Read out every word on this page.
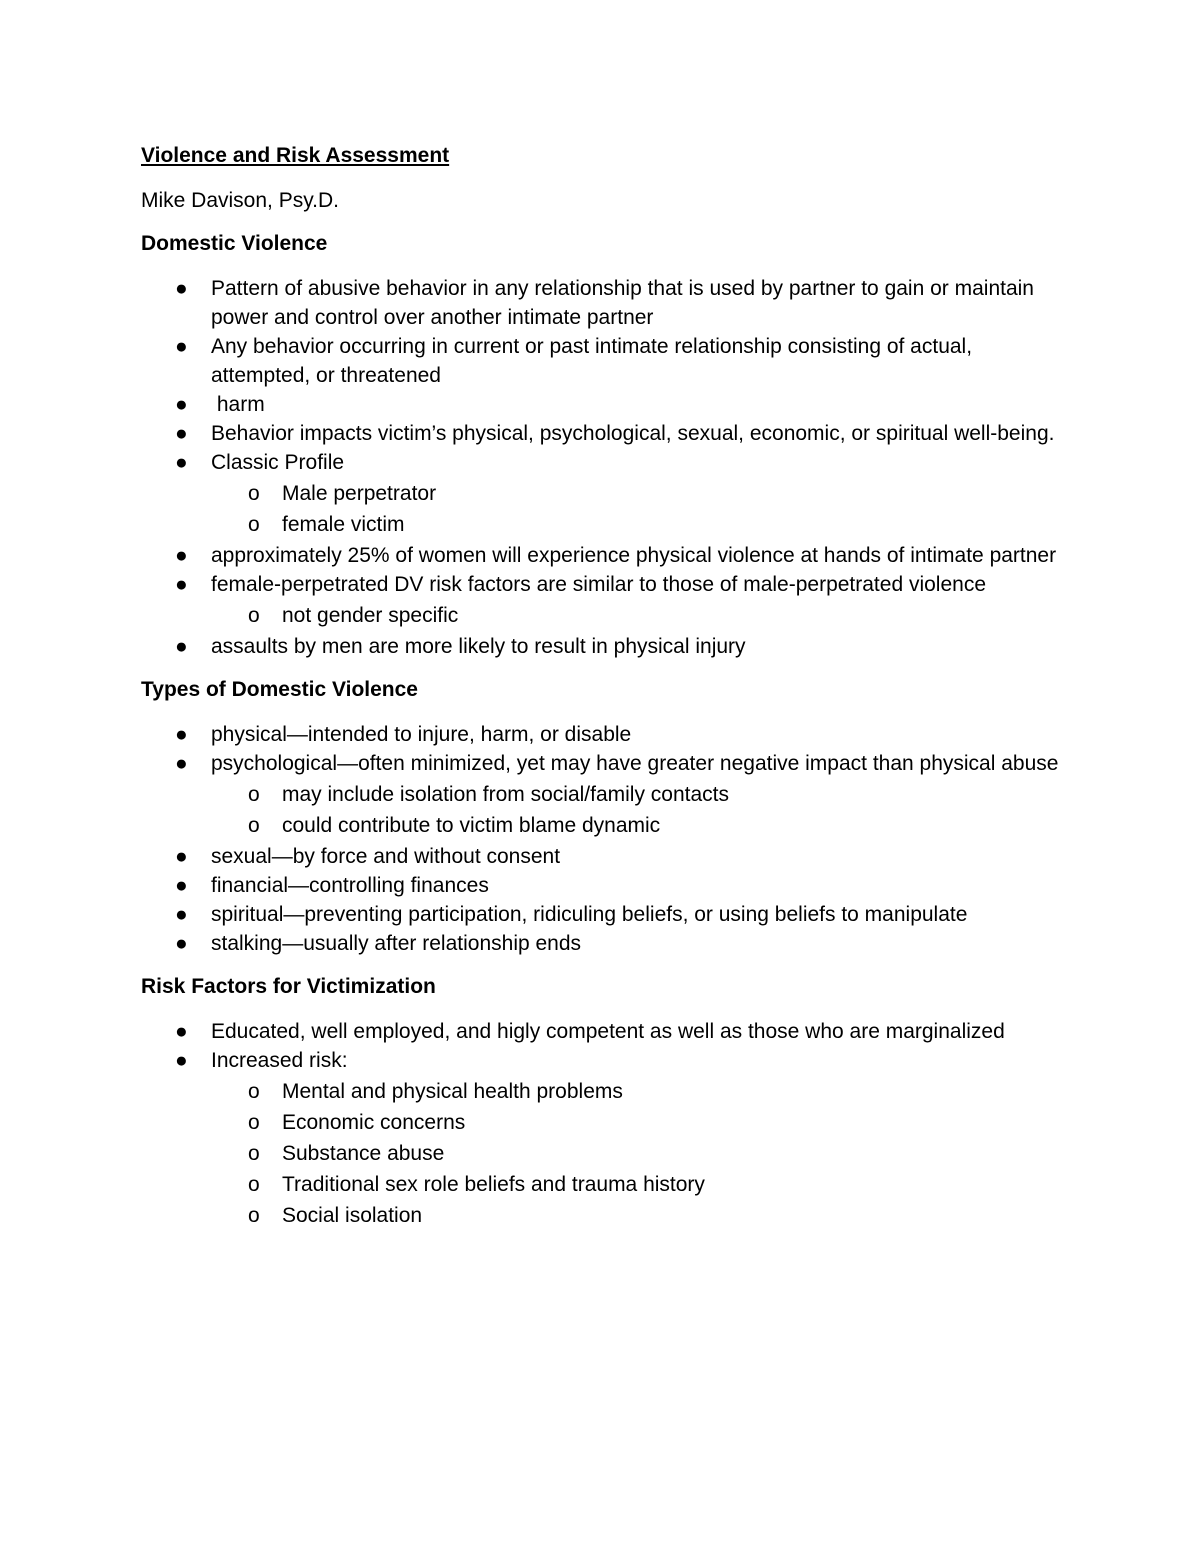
Violence and Risk Assessment
Mike Davison, Psy.D.
Domestic Violence
●	Pattern of abusive behavior in any relationship that is used by partner to gain or maintain power and control over another intimate partner
●	Any behavior occurring in current or past intimate relationship consisting of actual, attempted, or threatened
●	harm
●	Behavior impacts victim’s physical, psychological, sexual, economic, or spiritual well-being.
●	Classic Profile
o Male perpetrator
o female victim
●	approximately 25% of women will experience physical violence at hands of intimate partner
●	female-perpetrated DV risk factors are similar to those of male-perpetrated violence
o not gender specific
●	assaults by men are more likely to result in physical injury
Types of Domestic Violence
●	physical—intended to injure, harm, or disable
●	psychological—often minimized, yet may have greater negative impact than physical abuse
o may include isolation from social/family contacts
o could contribute to victim blame dynamic
●	sexual—by force and without consent
●	financial—controlling finances
●	spiritual—preventing participation, ridiculing beliefs, or using beliefs to manipulate
●	stalking—usually after relationship ends
Risk Factors for Victimization
●	Educated, well employed, and higly competent as well as those who are marginalized
●	Increased risk:
o Mental and physical health problems
o Economic concerns
o Substance abuse
o Traditional sex role beliefs and trauma history
o Social isolation
